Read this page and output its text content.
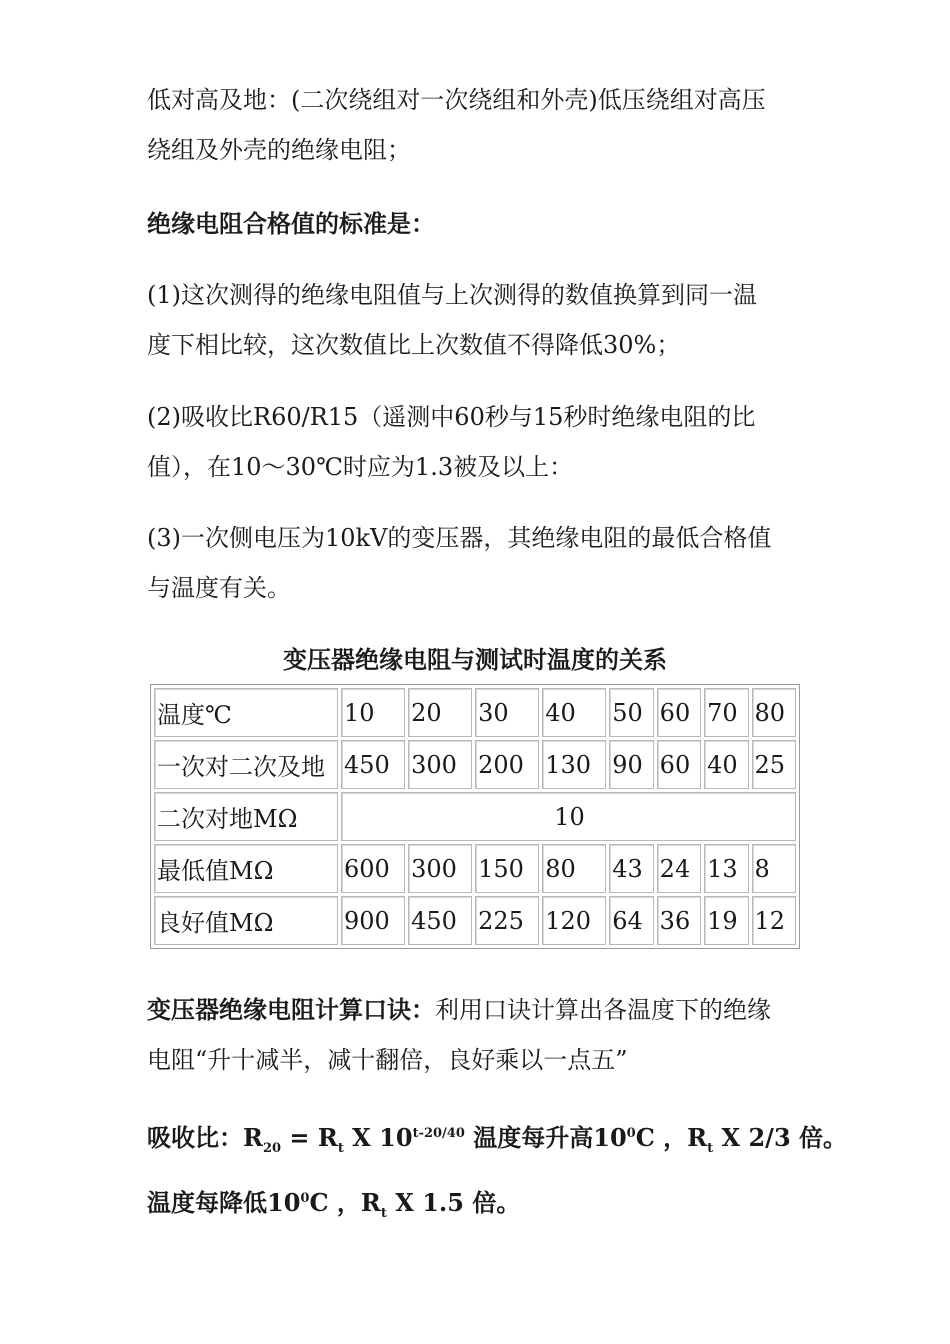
低对高及地：(二次绕组对一次绕组和外壳)低压绕组对高压
绕组及外壳的绝缘电阻；

绝缘电阻合格值的标准是：

(1)这次测得的绝缘电阻值与上次测得的数值换算到同一温
度下相比较，这次数值比上次数值不得降低30%；

(2)吸收比R60/R15（遥测中60秒与15秒时绝缘电阻的比
值），在10～30℃时应为1.3被及以上：

(3)一次侧电压为10kV的变压器，其绝缘电阻的最低合格值
与温度有关。

变压器绝缘电阻与测试时温度的关系

温度℃	10	20	30	40	50	60	70	80
一次对二次及地	450	300	200	130	90	60	40	25
二次对地MΩ	10							
最低值MΩ	600	300	150	80	43	24	13	8
良好值MΩ	900	450	225	120	64	36	19	12

变压器绝缘电阻计算口诀：利用口诀计算出各温度下的绝缘
电阻“升十减半，减十翻倍，良好乘以一点五”

吸收比：$R_{20} = R_t$ X $10^{t-20/40}$ 温度每升高$10^0C$ ，$R_t$ X 2/3 倍。
温度每降低$10^0C$ ，$R_t$ X 1.5 倍。
